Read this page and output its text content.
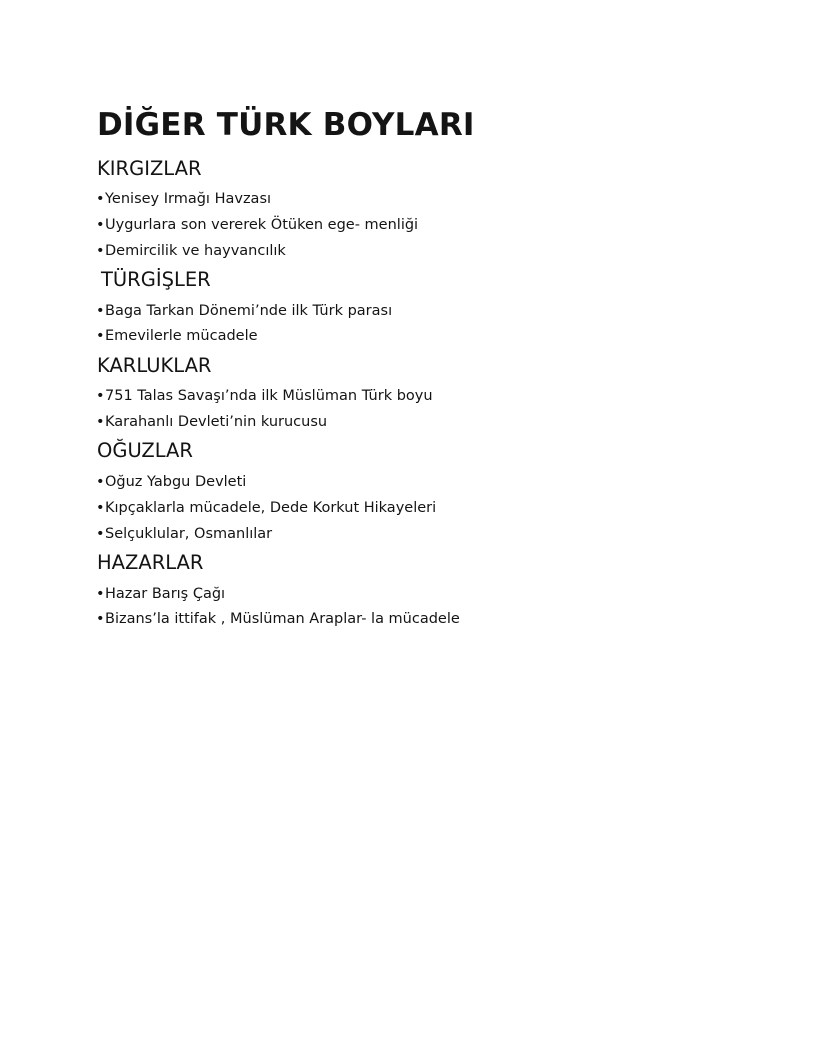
DİĞER TÜRK BOYLARI
KIRGIZLAR

•Yenisey Irmağı Havzası

•Uygurlara son vererek Ötüken ege- menliği

•Demircilik ve hayvancılık

TÜRGİŞLER

•Baga Tarkan Dönemi’nde ilk Türk parası

•Emevilerle mücadele

KARLUKLAR

•751 Talas Savaşı’nda ilk Müslüman Türk boyu

•Karahanlı Devleti’nin kurucusu

OĞUZLAR

•Oğuz Yabgu Devleti

•Kıpçaklarla mücadele, Dede Korkut Hikayeleri

•Selçuklular, Osmanlılar

HAZARLAR

•Hazar Barış Çağı

•Bizans’la ittifak , Müslüman Araplar- la mücadele
